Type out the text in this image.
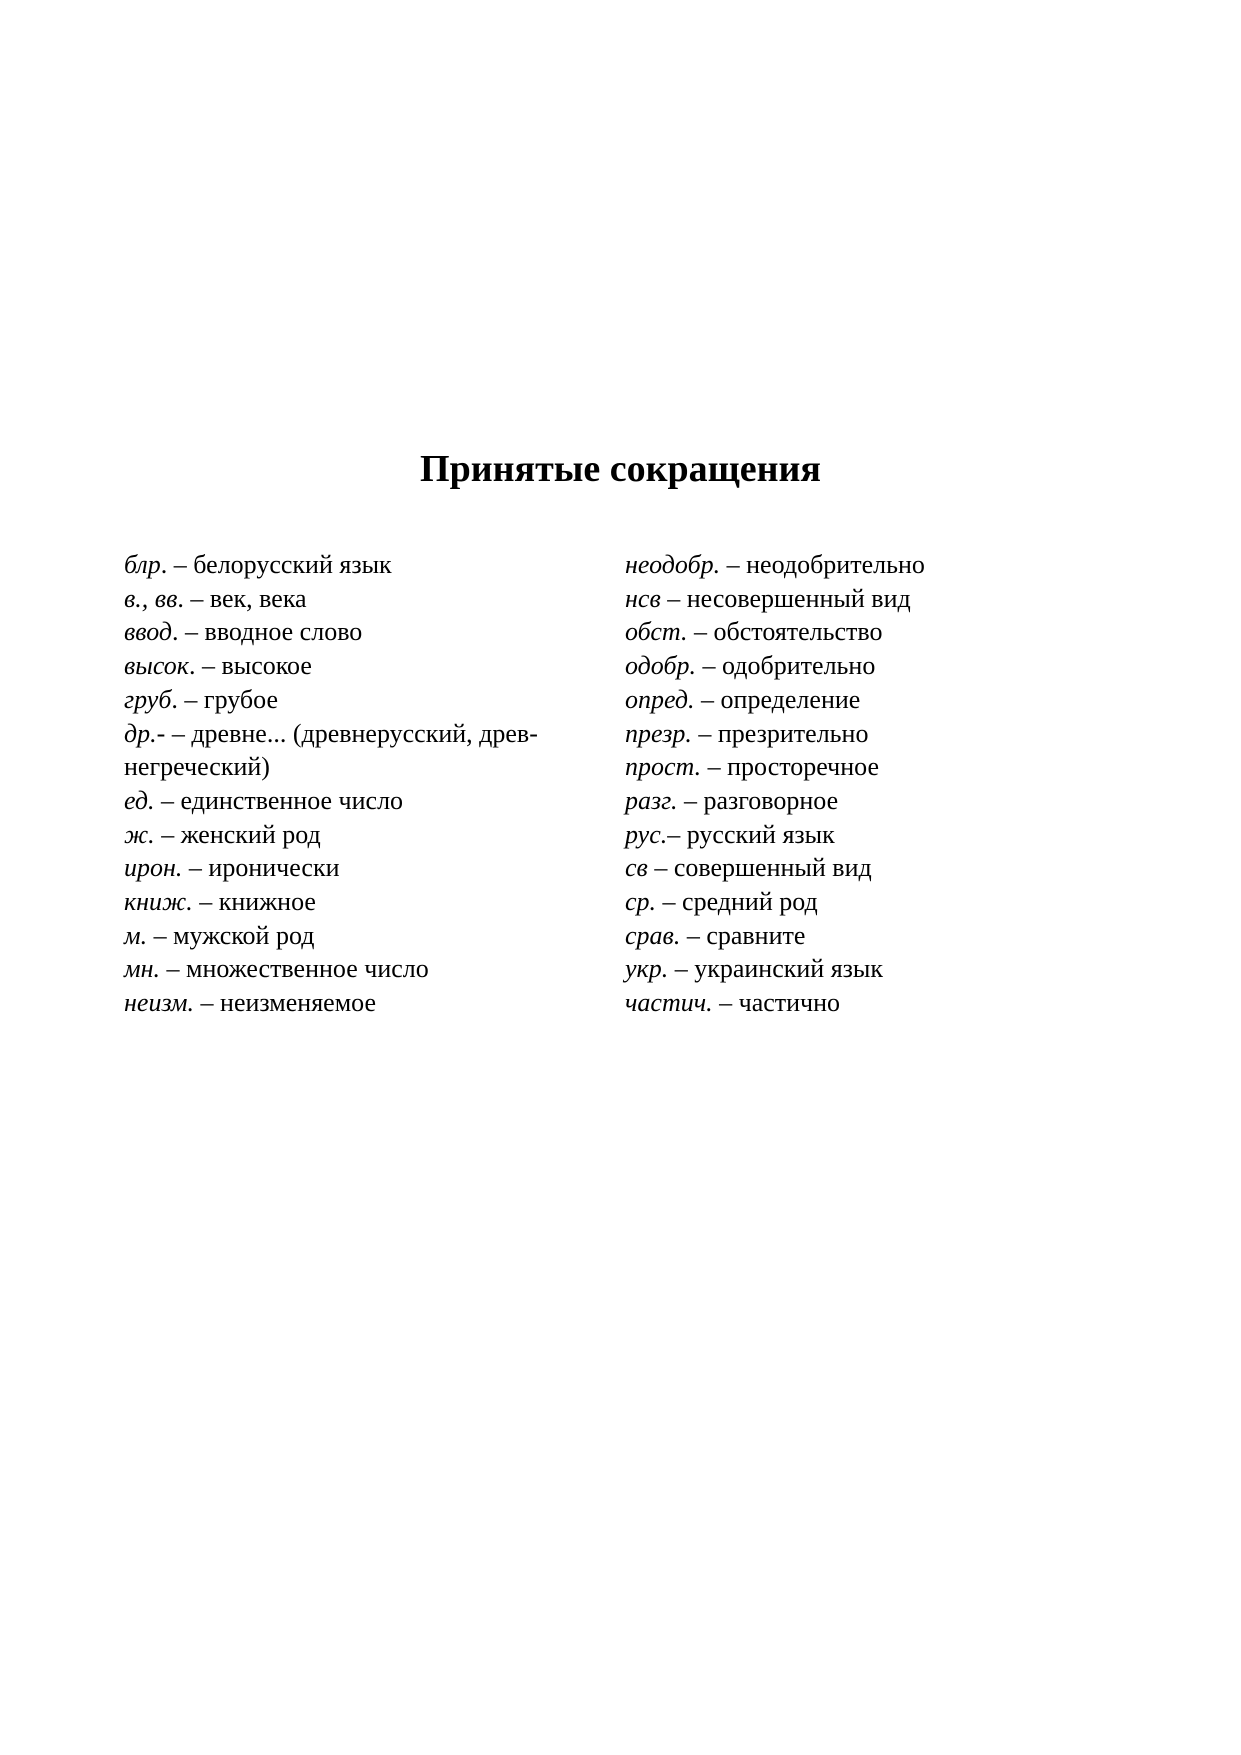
Принятые сокращения
блр. – белорусский язык
в., вв. – век, века
ввод. – вводное слово
высок. – высокое
груб. – грубое
др.- – древне... (древнерусский, древ-
негреческий)
ед. – единственное число
ж. – женский род
ирон. – иронически
книж. – книжное
м. – мужской род
мн. – множественное число
неизм. – неизменяемое
неодобр. – неодобрительно
нсв – несовершенный вид
обст. – обстоятельство
одобр. – одобрительно
опред. – определение
презр. – презрительно
прост. – просторечное
разг. – разговорное
рус.– русский язык
св – совершенный вид
ср. – средний род
срав. – сравните
укр. – украинский язык
частич. – частично
